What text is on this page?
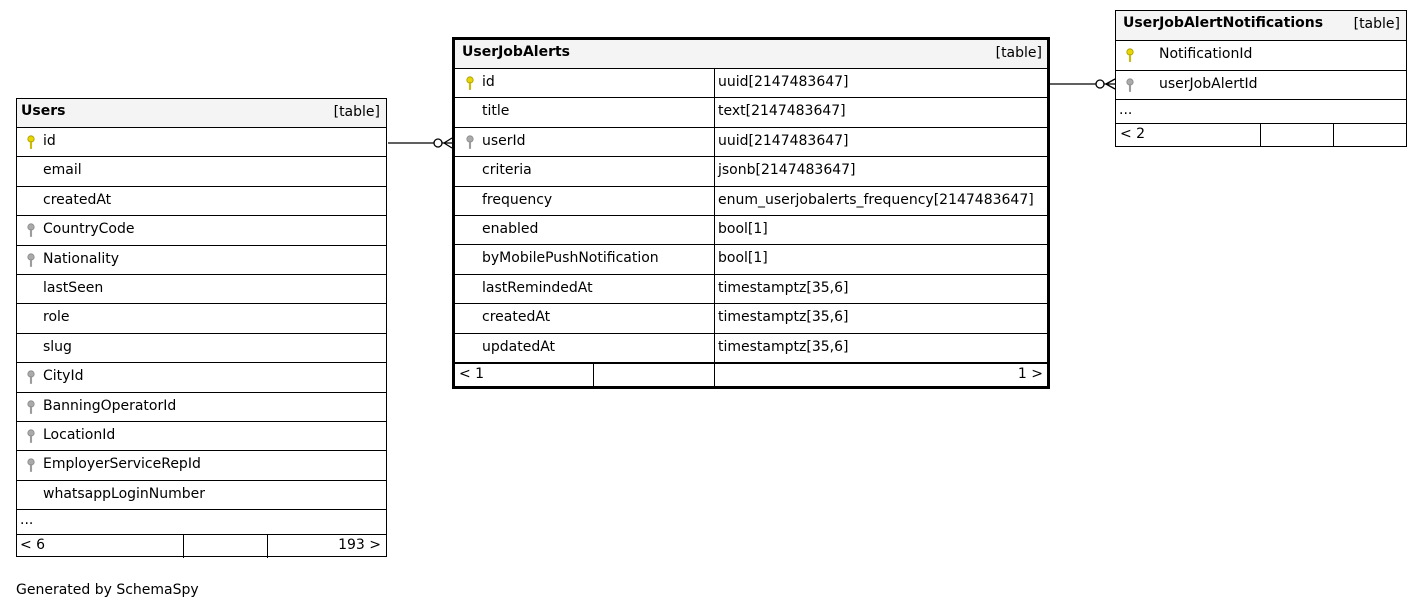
Users	[table]
id
email
createdAt
CountryCode
Nationality
lastSeen
role
slug
CityId
BanningOperatorId
LocationId
EmployerServiceRepId
whatsappLoginNumber
...
< 6	193 >
UserJobAlerts	[table]
id	uuid[2147483647]
title	text[2147483647]
userId	uuid[2147483647]
criteria	jsonb[2147483647]
frequency	enum_userjobalerts_frequency[2147483647]
enabled	bool[1]
byMobilePushNotification	bool[1]
lastRemindedAt	timestamptz[35,6]
createdAt	timestamptz[35,6]
updatedAt	timestamptz[35,6]
< 1	1 >
UserJobAlertNotifications [table]
NotificationId
userJobAlertId
...
< 2
Generated by SchemaSpy
